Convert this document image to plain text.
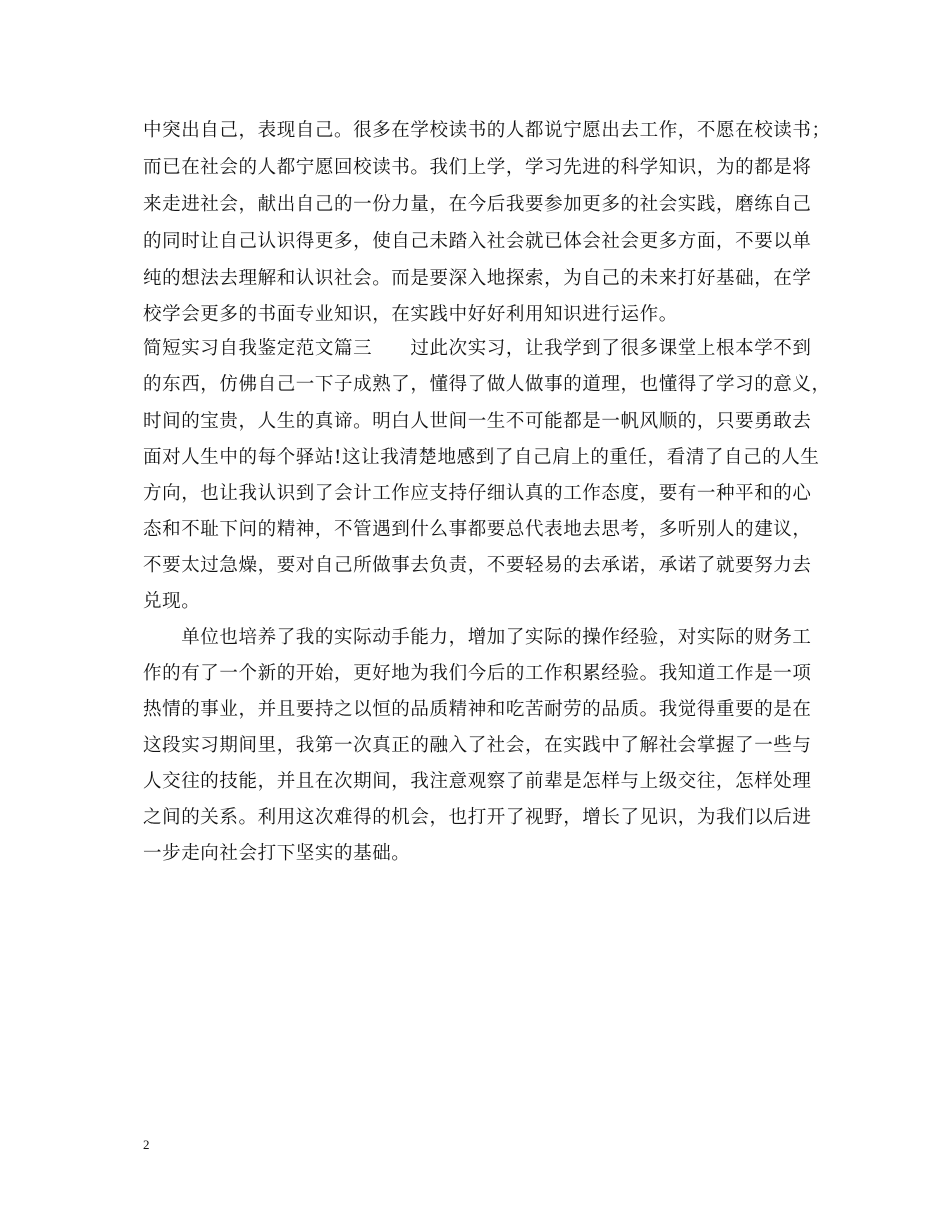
中突出自己，表现自己。很多在学校读书的人都说宁愿出去工作，不愿在校读书；
而已在社会的人都宁愿回校读书。我们上学，学习先进的科学知识，为的都是将
来走进社会，献出自己的一份力量，在今后我要参加更多的社会实践，磨练自己
的同时让自己认识得更多，使自己未踏入社会就已体会社会更多方面，不要以单
纯的想法去理解和认识社会。而是要深入地探索，为自己的未来打好基础，在学
校学会更多的书面专业知识，在实践中好好利用知识进行运作。
简短实习自我鉴定范文篇三　　过此次实习，让我学到了很多课堂上根本学不到
的东西，仿佛自己一下子成熟了，懂得了做人做事的道理，也懂得了学习的意义，
时间的宝贵，人生的真谛。明白人世间一生不可能都是一帆风顺的，只要勇敢去
面对人生中的每个驿站!这让我清楚地感到了自己肩上的重任，看清了自己的人生
方向，也让我认识到了会计工作应支持仔细认真的工作态度，要有一种平和的心
态和不耻下问的精神，不管遇到什么事都要总代表地去思考，多听别人的建议，
不要太过急燥，要对自己所做事去负责，不要轻易的去承诺，承诺了就要努力去
兑现。
　　单位也培养了我的实际动手能力，增加了实际的操作经验，对实际的财务工
作的有了一个新的开始，更好地为我们今后的工作积累经验。我知道工作是一项
热情的事业，并且要持之以恒的品质精神和吃苦耐劳的品质。我觉得重要的是在
这段实习期间里，我第一次真正的融入了社会，在实践中了解社会掌握了一些与
人交往的技能，并且在次期间，我注意观察了前辈是怎样与上级交往，怎样处理
之间的关系。利用这次难得的机会，也打开了视野，增长了见识，为我们以后进
一步走向社会打下坚实的基础。
2
